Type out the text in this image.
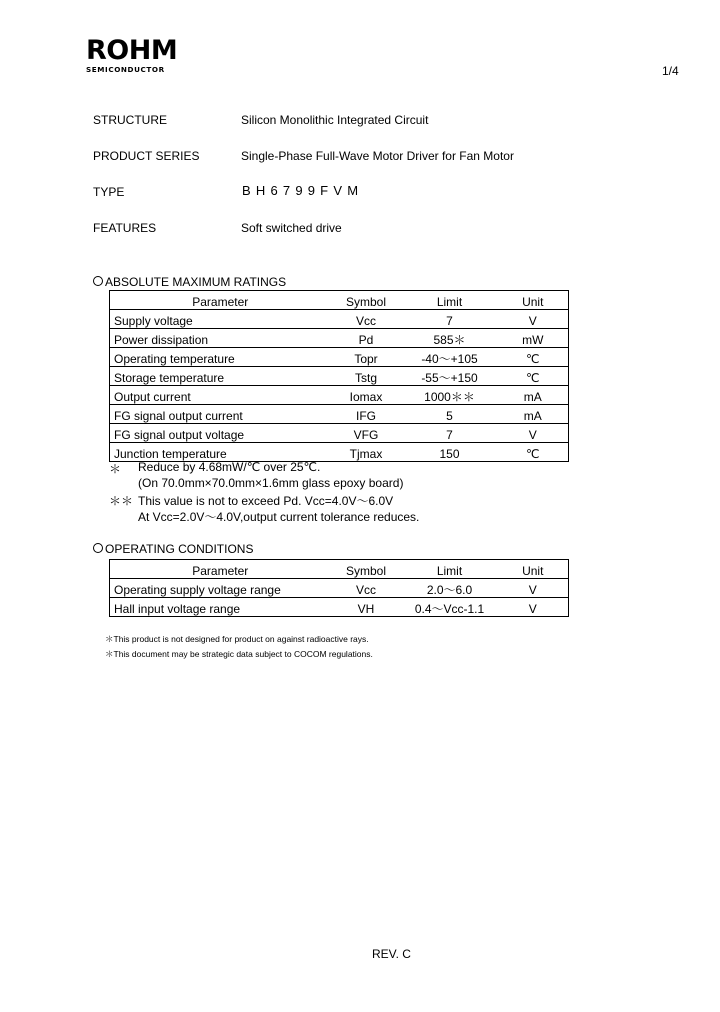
ROHM
SEMICONDUCTOR	1/4
STRUCTURE	Silicon Monolithic Integrated Circuit
PRODUCT SERIES	Single-Phase Full-Wave Motor Driver for Fan Motor
TYPE	BH6799FVM
FEATURES	Soft switched drive
ABSOLUTE MAXIMUM RATINGS
Parameter	Symbol	Limit	Unit
Supply voltage	Vcc	7	V
Power dissipation	Pd	585＊	mW
Operating temperature	Topr	-40～+105	℃
Storage temperature	Tstg	-55～+150	℃
Output current	Iomax	1000＊＊	mA
FG signal output current	IFG	5	mA
FG signal output voltage	VFG	7	V
Junction temperature	Tjmax	150	℃
＊ Reduce by 4.68mW/℃ over 25℃.
(On 70.0mm×70.0mm×1.6mm glass epoxy board)
＊＊ This value is not to exceed Pd. Vcc=4.0V～6.0V
At Vcc=2.0V～4.0V,output current tolerance reduces.
OPERATING CONDITIONS
Parameter	Symbol	Limit	Unit
Operating supply voltage range	Vcc	2.0～6.0	V
Hall input voltage range	VH	0.4～Vcc-1.1	V
＊This product is not designed for product on against radioactive rays.
＊This document may be strategic data subject to COCOM regulations.
REV. C
